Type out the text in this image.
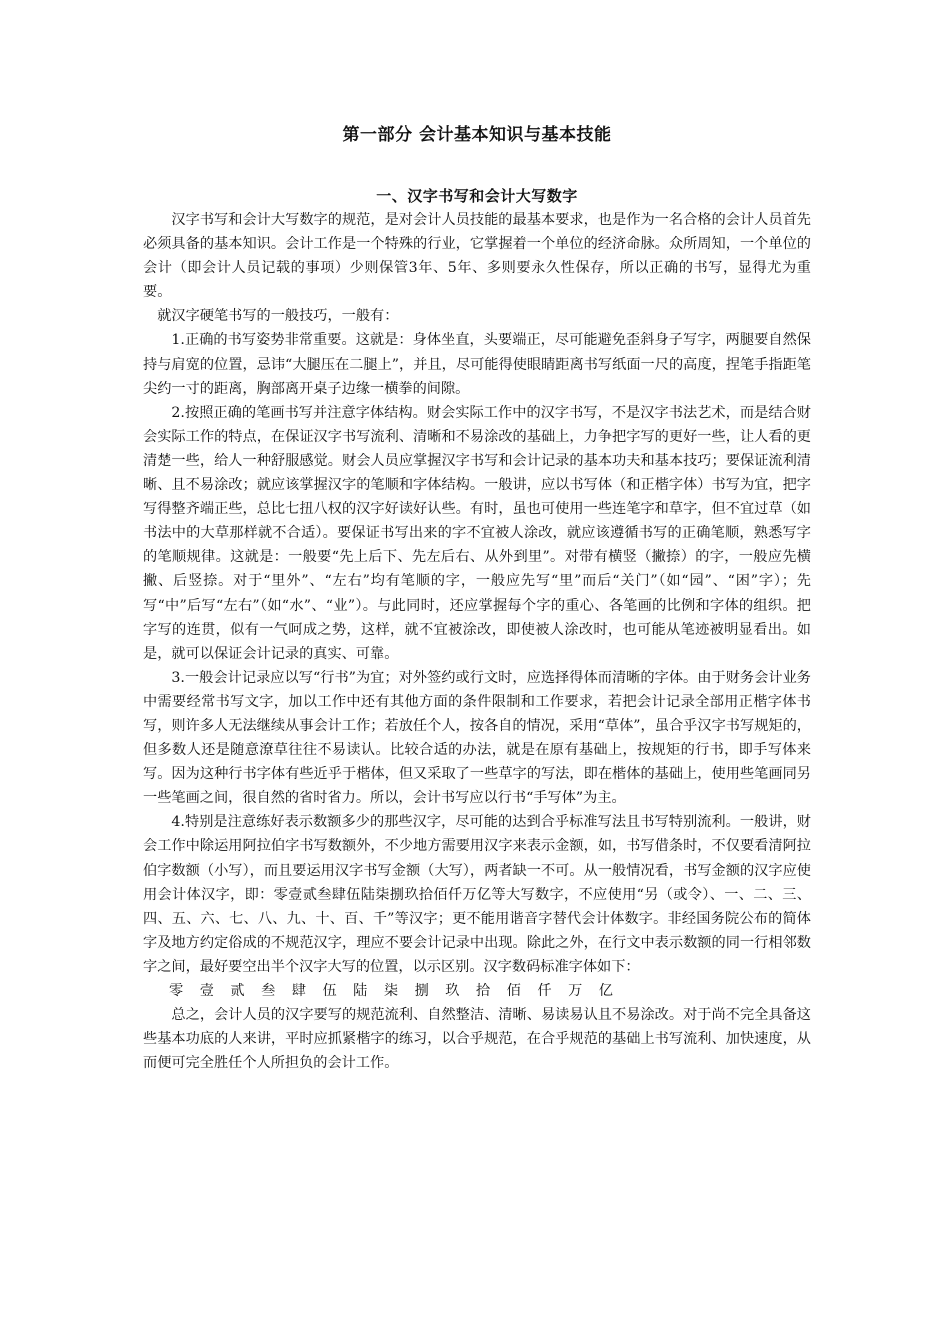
第一部分 会计基本知识与基本技能
一、汉字书写和会计大写数字

汉字书写和会计大写数字的规范，是对会计人员技能的最基本要求，也是作为一名合格的会计人员首先必须具备的基本知识。会计工作是一个特殊的行业，它掌握着一个单位的经济命脉。众所周知，一个单位的会计（即会计人员记载的事项）少则保管3年、5年、多则要永久性保存，所以正确的书写，显得尤为重要。

就汉字硬笔书写的一般技巧，一般有：

1.正确的书写姿势非常重要。这就是：身体坐直，头要端正，尽可能避免歪斜身子写字，两腿要自然保持与肩宽的位置，忌讳“大腿压在二腿上”，并且，尽可能得使眼睛距离书写纸面一尺的高度，捏笔手指距笔尖约一寸的距离，胸部离开桌子边缘一横拳的间隙。

2.按照正确的笔画书写并注意字体结构。财会实际工作中的汉字书写，不是汉字书法艺术，而是结合财会实际工作的特点，在保证汉字书写流利、清晰和不易涂改的基础上，力争把字写的更好一些，让人看的更清楚一些，给人一种舒服感觉。财会人员应掌握汉字书写和会计记录的基本功夫和基本技巧；要保证流利清晰、且不易涂改；就应该掌握汉字的笔顺和字体结构。一般讲，应以书写体（和正楷字体）书写为宜，把字写得整齐端正些，总比七扭八权的汉字好读好认些。有时，虽也可使用一些连笔字和草字，但不宜过草（如书法中的大草那样就不合适）。要保证书写出来的字不宜被人涂改，就应该遵循书写的正确笔顺，熟悉写字的笔顺规律。这就是：一般要“先上后下、先左后右、从外到里”。对带有横竖（撇捺）的字，一般应先横撇、后竖捺。对于“里外”、“左右”均有笔顺的字，一般应先写“里”而后“关门”（如“园”、“困”字）；先写“中”后写“左右”（如“水”、“业”）。与此同时，还应掌握每个字的重心、各笔画的比例和字体的组织。把字写的连贯，似有一气呵成之势，这样，就不宜被涂改，即使被人涂改时，也可能从笔迹被明显看出。如是，就可以保证会计记录的真实、可靠。

3.一般会计记录应以写“行书”为宜；对外签约或行文时，应选择得体而清晰的字体。由于财务会计业务中需要经常书写文字，加以工作中还有其他方面的条件限制和工作要求，若把会计记录全部用正楷字体书写，则许多人无法继续从事会计工作；若放任个人，按各自的情况，采用“草体”，虽合乎汉字书写规矩的，但多数人还是随意潦草往往不易读认。比较合适的办法，就是在原有基础上，按规矩的行书，即手写体来写。因为这种行书字体有些近乎于楷体，但又采取了一些草字的写法，即在楷体的基础上，使用些笔画同另一些笔画之间，很自然的省时省力。所以，会计书写应以行书“手写体”为主。

4.特别是注意练好表示数额多少的那些汉字，尽可能的达到合乎标准写法且书写特别流利。一般讲，财会工作中除运用阿拉伯字书写数额外，不少地方需要用汉字来表示金额，如，书写借条时，不仅要看清阿拉伯字数额（小写），而且要运用汉字书写金额（大写），两者缺一不可。从一般情况看，书写金额的汉字应使用会计体汉字，即：零壹贰叁肆伍陆柒捌玖拾佰仟万亿等大写数字，不应使用“另（或令）、一、二、三、四、五、六、七、八、九、十、百、千”等汉字；更不能用谐音字替代会计体数字。非经国务院公布的简体字及地方约定俗成的不规范汉字，理应不要会计记录中出现。除此之外，在行文中表示数额的同一行相邻数字之间，最好要空出半个汉字大写的位置，以示区别。汉字数码标准字体如下：

零 壹 贰 叁 肆 伍 陆 柒 捌 玖 拾 佰 仟 万 亿

总之，会计人员的汉字要写的规范流利、自然整洁、清晰、易读易认且不易涂改。对于尚不完全具备这些基本功底的人来讲，平时应抓紧楷字的练习，以合乎规范，在合乎规范的基础上书写流利、加快速度，从而便可完全胜任个人所担负的会计工作。
